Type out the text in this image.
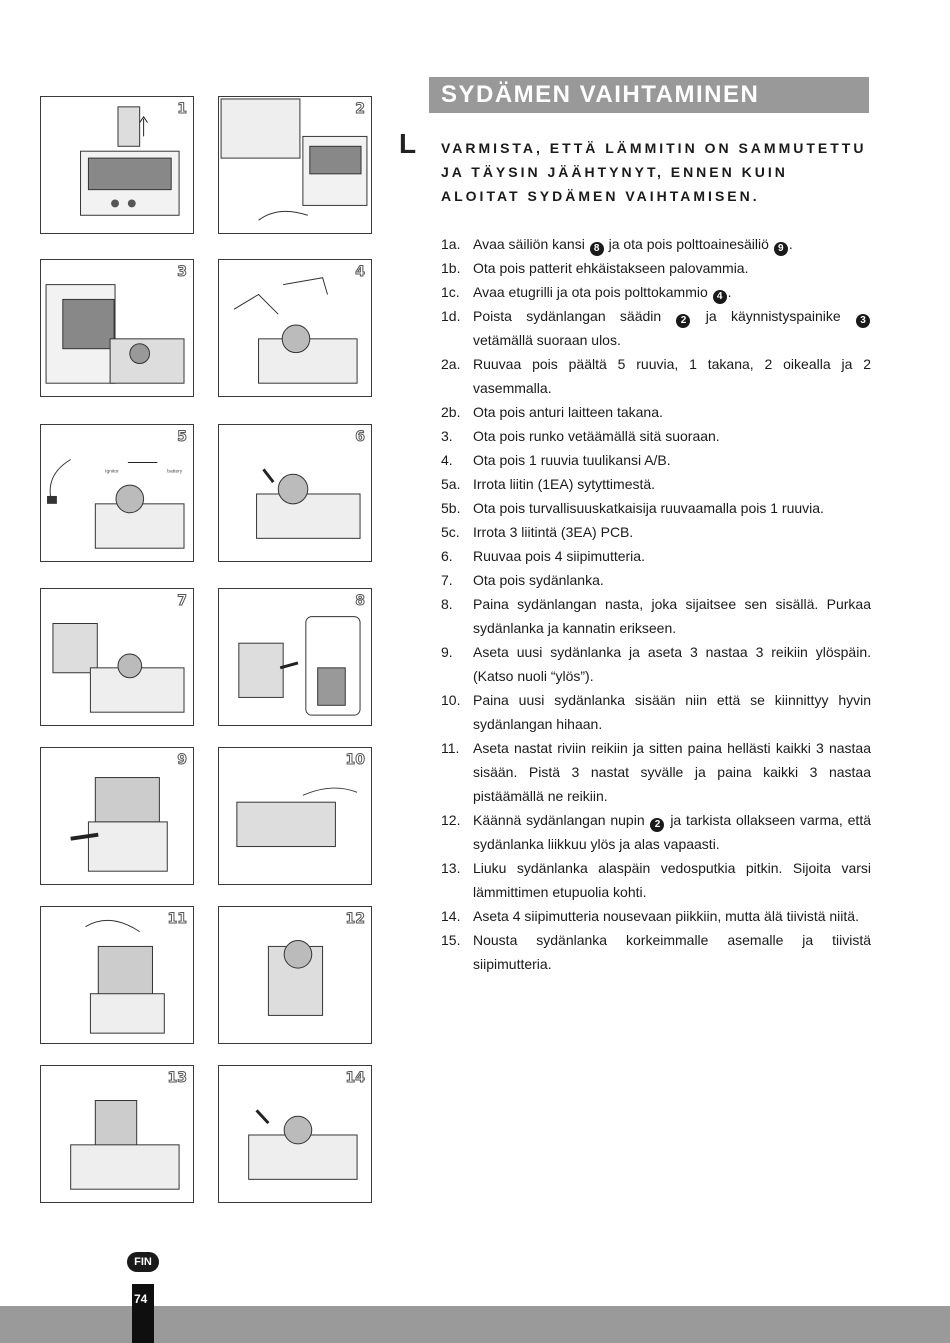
1	2
3	4
Ignitor	battery
5	6
7	8
9	10
11	12
13	14
SYDÄMEN VAIHTAMINEN
L VARMISTA, ETTÄ LÄMMITIN ON SAMMUTETTU JA TÄYSIN JÄÄHTYNYT, ENNEN KUIN ALOITAT SYDÄMEN VAIHTAMISEN.
1a. Avaa säiliön kansi 8 ja ota pois polttoainesäiliö 9 .
1b. Ota pois patterit ehkäistakseen palovammia.
1c. Avaa etugrilli ja ota pois polttokammio 4 .
1d. Poista sydänlangan säädin 2 ja käynnistyspainike 3 vetämällä suoraan ulos.
2a. Ruuvaa pois päältä 5 ruuvia, 1 takana, 2 oikealla ja 2 vasemmalla.
2b. Ota pois anturi laitteen takana.
3. Ota pois runko vetäämällä sitä suoraan.
4. Ota pois 1 ruuvia tuulikansi A/B.
5a. Irrota liitin (1EA) sytyttimestä.
5b. Ota pois turvallisuuskatkaisija ruuvaamalla pois 1 ruuvia.
5c. Irrota 3 liitintä (3EA) PCB.
6. Ruuvaa pois 4 siipimutteria.
7. Ota pois sydänlanka.
8. Paina sydänlangan nasta, joka sijaitsee sen sisällä. Purkaa sydänlanka ja kannatin erikseen.
9. Aseta uusi sydänlanka ja aseta 3 nastaa 3 reikiin ylöspäin. (Katso nuoli “ylös”).
10. Paina uusi sydänlanka sisään niin että se kiinnittyy hyvin sydänlangan hihaan.
11. Aseta nastat riviin reikiin ja sitten paina hellästi kaikki 3 nastaa sisään. Pistä 3 nastat syvälle ja paina kaikki 3 nastaa pistäämällä ne reikiin.
12. Käännä sydänlangan nupin 2 ja tarkista ollakseen varma, että sydänlanka liikkuu ylös ja alas vapaasti.
13. Liuku sydänlanka alaspäin vedosputkia pitkin. Sijoita varsi lämmittimen etupuolia kohti.
14. Aseta 4 siipimutteria nousevaan piikkiin, mutta älä tiivistä niitä.
15. Nousta sydänlanka korkeimmalle asemalle ja tiivistä siipimutteria.
FIN
74
